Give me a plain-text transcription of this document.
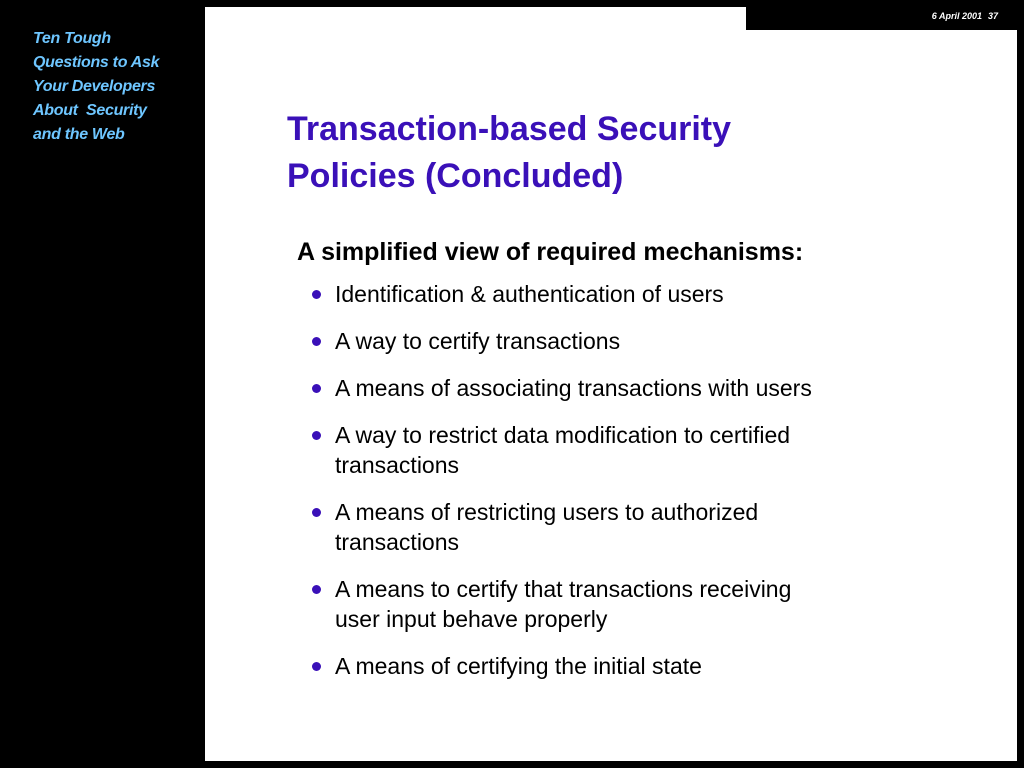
Ten Tough
Questions to Ask
Your Developers
About  Security
and the Web
6 April 2001 37
Transaction-based Security
Policies (Concluded)
A simplified view of required mechanisms:
Identification & authentication of users
A way to certify transactions
A means of associating transactions with users
A way to restrict data modification to certified
transactions
A means of restricting users to authorized
transactions
A means to certify that transactions receiving
user input behave properly
A means of certifying the initial state
